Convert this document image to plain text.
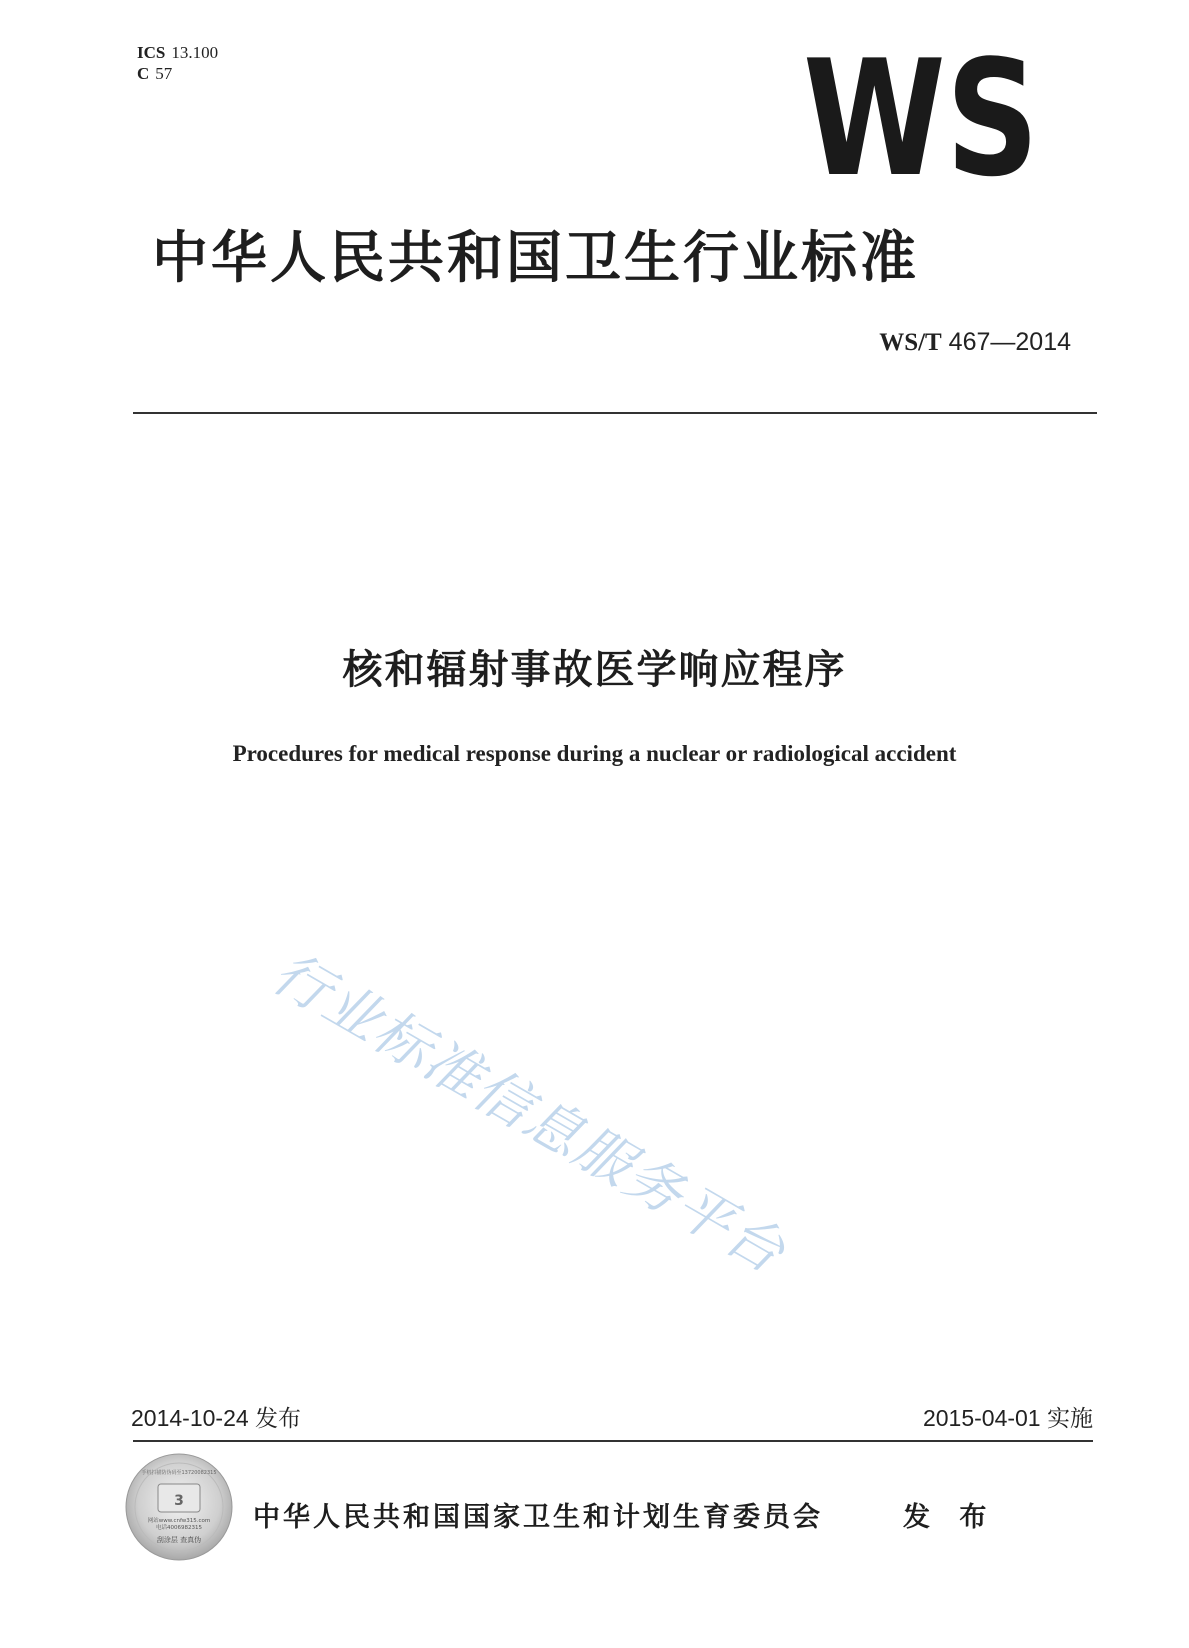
ICS 13.100
C 57	WS
中华人民共和国卫生行业标准
WS/T 467—2014
核和辐射事故医学响应程序
Procedures for medical response during a nuclear or radiological accident
行业标准信息服务平台
2014-10-24 发布	2015-04-01 实施
3
手机扫描防伪码至13720082315
网站www.cnfw315.com
电话4006982315
刮涂层 查真伪
中华人民共和国国家卫生和计划生育委员会	发 布
